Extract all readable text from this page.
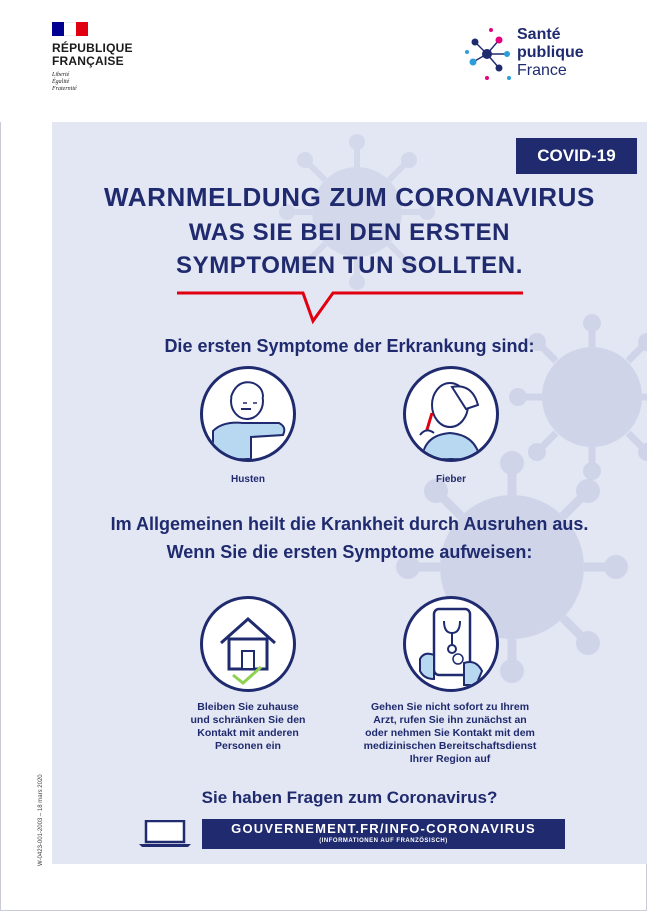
RÉPUBLIQUE
FRANÇAISE
Liberté
Égalité
Fraternité
Santé
publique
France
COVID-19
WARNMELDUNG ZUM CORONAVIRUS
WAS SIE BEI DEN ERSTEN
SYMPTOMEN TUN SOLLTEN.
Die ersten Symptome der Erkrankung sind:
Husten	Fieber
Im Allgemeinen heilt die Krankheit durch Ausruhen aus.
Wenn Sie die ersten Symptome aufweisen:
Bleiben Sie zuhause
und schränken Sie den
Kontakt mit anderen
Personen ein
Gehen Sie nicht sofort zu Ihrem
Arzt, rufen Sie ihn zunächst an
oder nehmen Sie Kontakt mit dem
medizinischen Bereitschaftsdienst
Ihrer Region auf
Sie haben Fragen zum Coronavirus?
GOUVERNEMENT.FR/INFO-CORONAVIRUS
(INFORMATIONEN AUF FRANZÖSISCH)
W-0423-001-2003 – 18 mars 2020
